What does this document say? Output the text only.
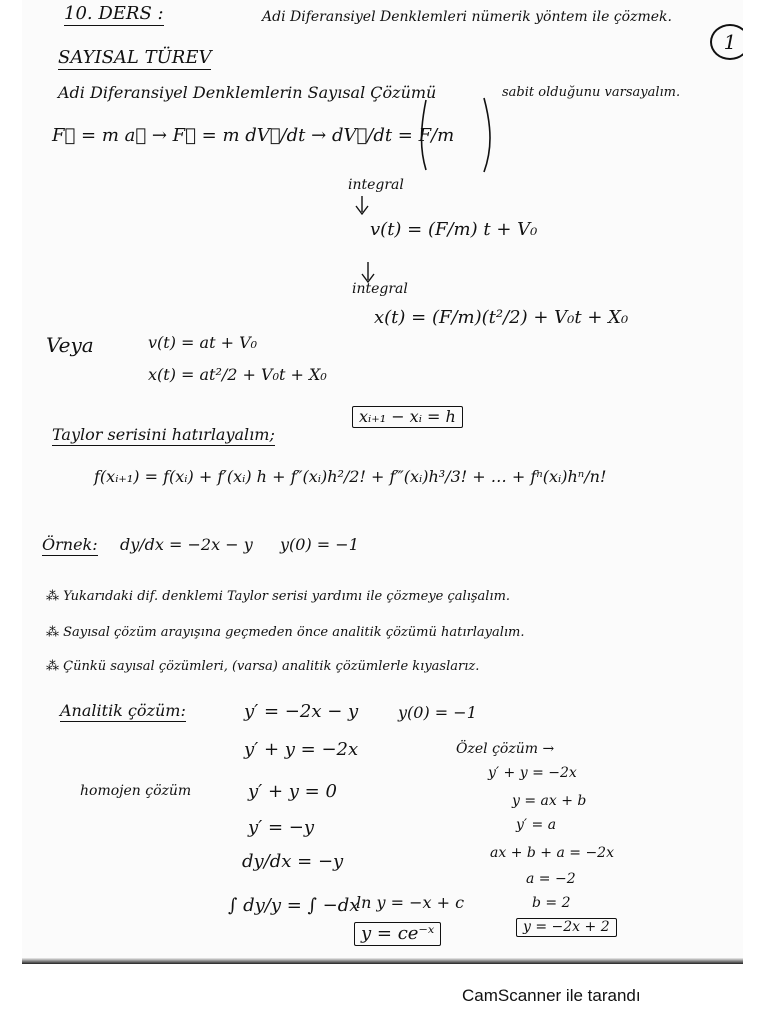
10. DERS :	Adi Diferansiyel Denklemleri nümerik yöntem ile çözmek.
1
SAYISAL TÜREV
Adi Diferansiyel Denklemlerin Sayısal Çözümü	sabit olduğunu varsayalım.
F⃗ = m a⃗ → F⃗ = m dV⃗/dt → dV⃗/dt = F/m
integral
v(t) = (F/m) t + V₀
integral
x(t) = (F/m)(t²/2) + V₀t + X₀
Veya	v(t) = at + V₀
x(t) = at²/2 + V₀t + X₀
Taylor serisini hatırlayalım;
xᵢ₊₁ − xᵢ = h
f(xᵢ₊₁) = f(xᵢ) + f′(xᵢ) h + f″(xᵢ)h²/2! + f‴(xᵢ)h³/3! + … + fⁿ(xᵢ)hⁿ/n!
Örnek: dy/dx = −2x − y y(0) = −1
⁂ Yukarıdaki dif. denklemi Taylor serisi yardımı ile çözmeye çalışalım.
⁂ Sayısal çözüm arayışına geçmeden önce analitik çözümü hatırlayalım.
⁂ Çünkü sayısal çözümleri, (varsa) analitik çözümlerle kıyaslarız.
Analitik çözüm:	y′ = −2x − y y(0) = −1
y′ + y = −2x	Özel çözüm →
y′ + y = −2x
y = ax + b
y′ = a
ax + b + a = −2x
a = −2
b = 2
y = −2x + 2
homojen çözüm	y′ + y = 0
y′ = −y
dy/dx = −y
∫ dy/y = ∫ −dx
ln y = −x + c
y = ce⁻ˣ
CamScanner ile tarandı
